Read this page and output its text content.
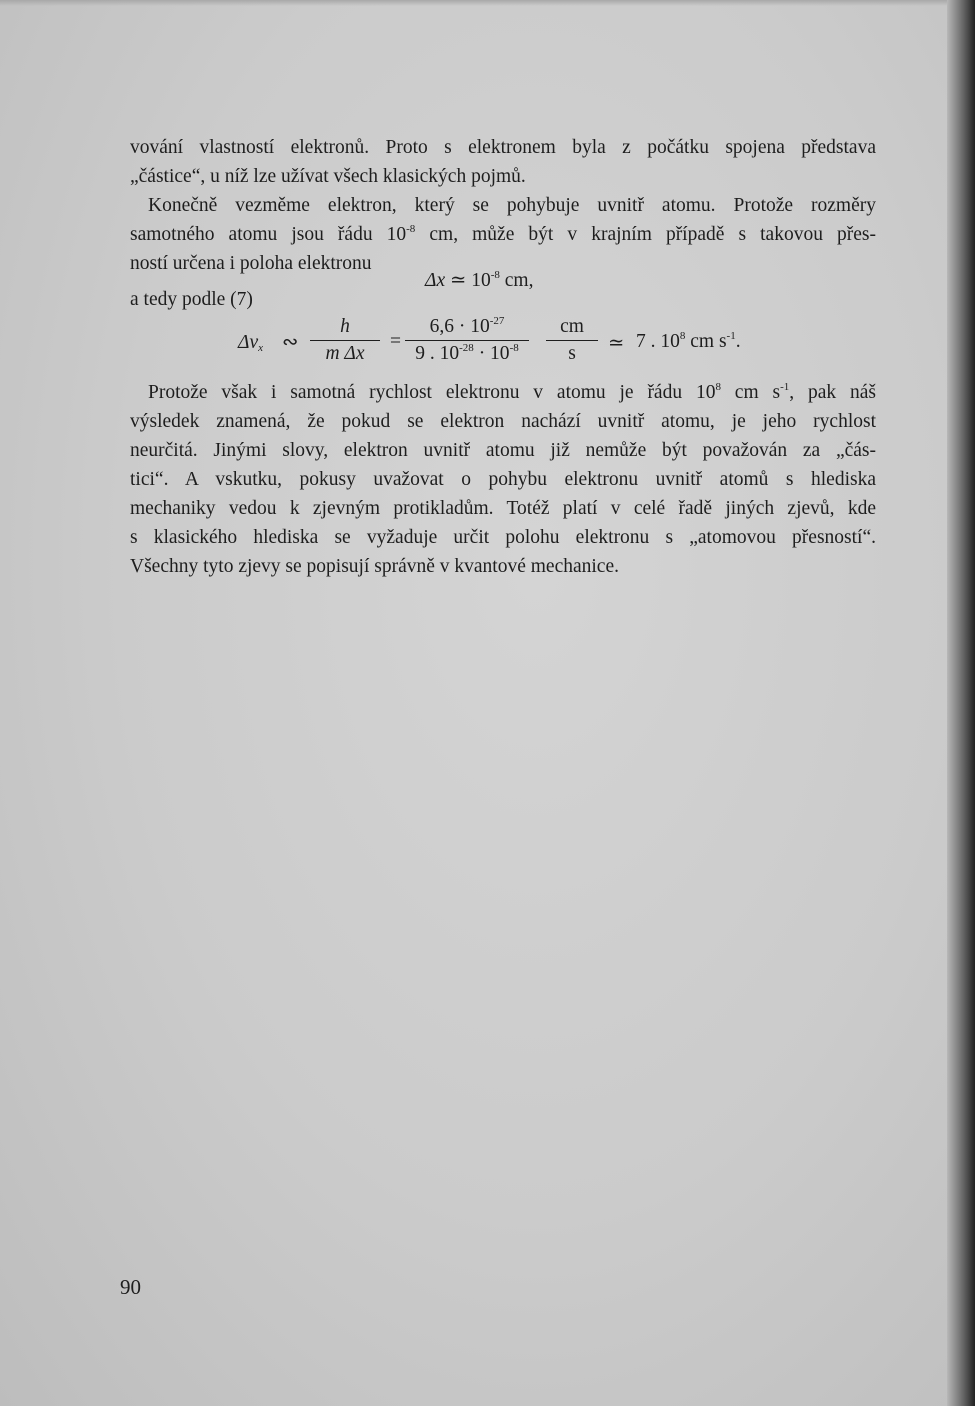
vování vlastností elektronů. Proto s elektronem byla z počátku spojena představa
„částice“, u níž lze užívat všech klasických pojmů.
Konečně vezměme elektron, který se pohybuje uvnitř atomu. Protože rozměry
samotného atomu jsou řádu $10^{-8}$ cm, může být v krajním případě s takovou přes-
ností určena i poloha elektronu
Δx ≃ $10^{-8}$ cm,
a tedy podle (7)
$\Delta v_x$ ∾
h
m Δx
=
$6,6 \cdot 10^{-27}$
9 . $10^{-28} \cdot 10^{-8}$
cm
s	≃ 7 . $10^8$ cm $s^{-1}$.
Protože však i samotná rychlost elektronu v atomu je řádu $10^8$ cm $s^{-1}$, pak náš
výsledek znamená, že pokud se elektron nachází uvnitř atomu, je jeho rychlost
neurčitá. Jinými slovy, elektron uvnitř atomu již nemůže být považován za „čás-
tici“. A vskutku, pokusy uvažovat o pohybu elektronu uvnitř atomů s hlediska
mechaniky vedou k zjevným protikladům. Totéž platí v celé řadě jiných zjevů, kde
s klasického hlediska se vyžaduje určit polohu elektronu s „atomovou přesností“.
Všechny tyto zjevy se popisují správně v kvantové mechanice.
90
